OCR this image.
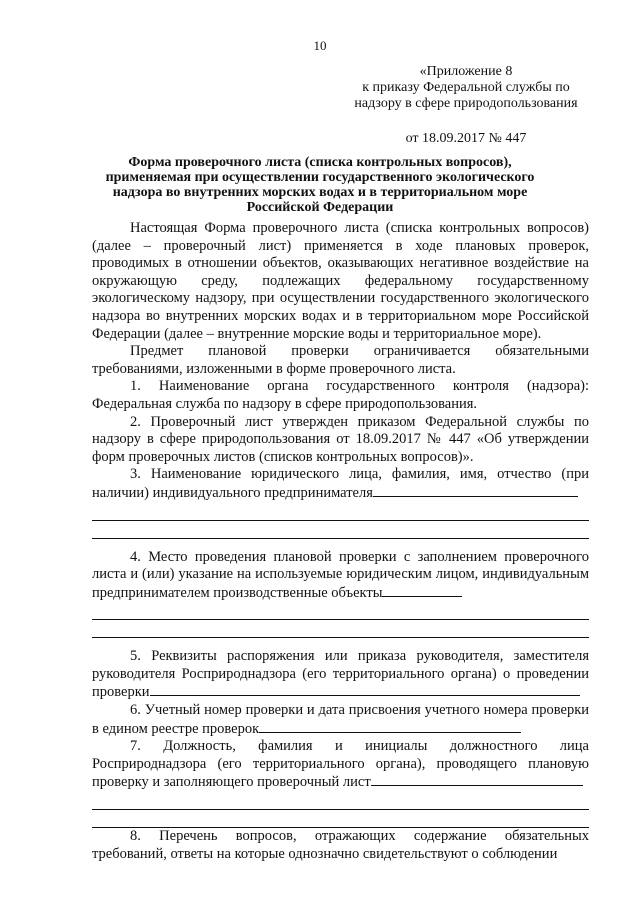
10
«Приложение 8
к приказу Федеральной службы по
надзору в сфере природопользования
от 18.09.2017 № 447
Форма проверочного листа (списка контрольных вопросов),
применяемая при осуществлении государственного экологического
надзора во внутренних морских водах и в территориальном море
Российской Федерации

Настоящая Форма проверочного листа (списка контрольных вопросов) (далее – проверочный лист) применяется в ходе плановых проверок, проводимых в отношении объектов, оказывающих негативное воздействие на окружающую среду, подлежащих федеральному государственному экологическому надзору, при осуществлении государственного экологического надзора во внутренних морских водах и в территориальном море Российской Федерации (далее – внутренние морские воды и территориальное море).

Предмет плановой проверки ограничивается обязательными требованиями, изложенными в форме проверочного листа.

1. Наименование органа государственного контроля (надзора): Федеральная служба по надзору в сфере природопользования.

2. Проверочный лист утвержден приказом Федеральной службы по надзору в сфере природопользования от 18.09.2017 № 447 «Об утверждении форм проверочных листов (списков контрольных вопросов)».

3. Наименование юридического лица, фамилия, имя, отчество (при наличии) индивидуального предпринимателя

4. Место проведения плановой проверки с заполнением проверочного листа и (или) указание на используемые юридическим лицом, индивидуальным предпринимателем производственные объекты

5. Реквизиты распоряжения или приказа руководителя, заместителя руководителя Росприроднадзора (его территориального органа) о проведении проверки

6. Учетный номер проверки и дата присвоения учетного номера проверки в едином реестре проверок

7. Должность, фамилия и инициалы должностного лица Росприроднадзора (его территориального органа), проводящего плановую проверку и заполняющего проверочный лист

8. Перечень вопросов, отражающих содержание обязательных требований, ответы на которые однозначно свидетельствуют о соблюдении
